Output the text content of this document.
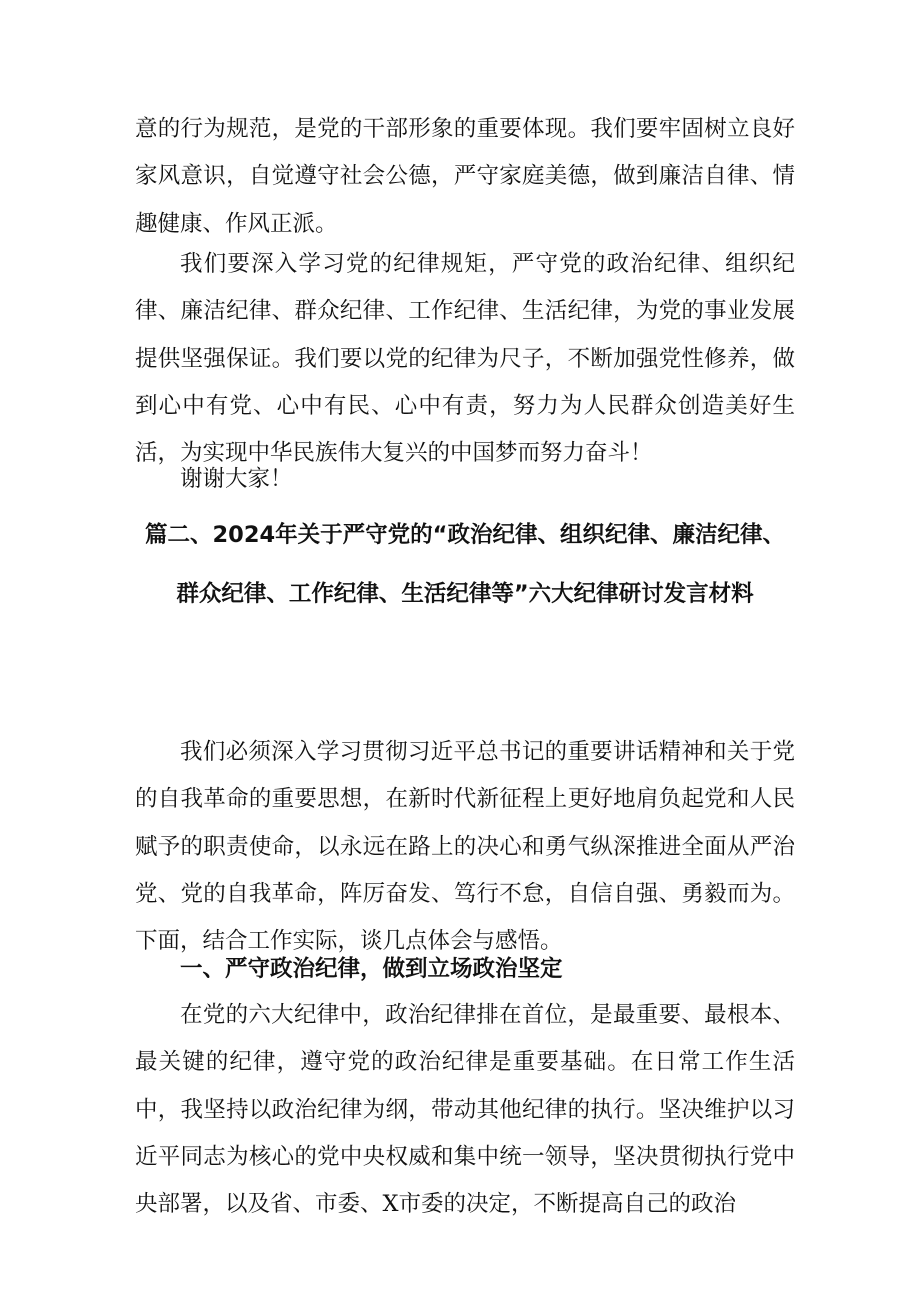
意的行为规范，是党的干部形象的重要体现。我们要牢固树立良好家风意识，自觉遵守社会公德，严守家庭美德，做到廉洁自律、情趣健康、作风正派。

我们要深入学习党的纪律规矩，严守党的政治纪律、组织纪律、廉洁纪律、群众纪律、工作纪律、生活纪律，为党的事业发展提供坚强保证。我们要以党的纪律为尺子，不断加强党性修养，做到心中有党、心中有民、心中有责，努力为人民群众创造美好生活，为实现中华民族伟大复兴的中国梦而努力奋斗！

谢谢大家！

篇二、2024年关于严守党的“政治纪律、组织纪律、廉洁纪律、群众纪律、工作纪律、生活纪律等”六大纪律研讨发言材料

我们必须深入学习贯彻习近平总书记的重要讲话精神和关于党的自我革命的重要思想，在新时代新征程上更好地肩负起党和人民赋予的职责使命，以永远在路上的决心和勇气纵深推进全面从严治党、党的自我革命，阵厉奋发、笃行不怠，自信自强、勇毅而为。下面，结合工作实际，谈几点体会与感悟。

一、严守政治纪律，做到立场政治坚定

在党的六大纪律中，政治纪律排在首位，是最重要、最根本、最关键的纪律，遵守党的政治纪律是重要基础。在日常工作生活中，我坚持以政治纪律为纲，带动其他纪律的执行。坚决维护以习近平同志为核心的党中央权威和集中统一领导，坚决贯彻执行党中央部署，以及省、市委、X市委的决定，不断提高自己的政治
